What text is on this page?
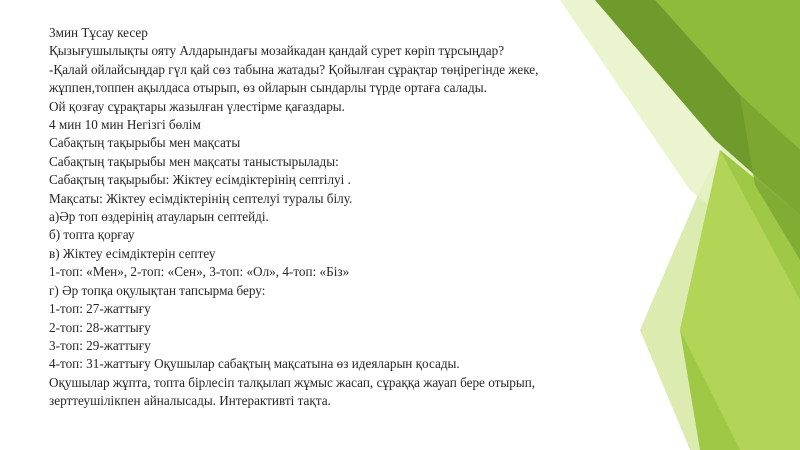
3мин Тұсау кесер
Қызығушылықты ояту Алдарындағы мозайкадан қандай сурет көріп тұрсыңдар?
-Қалай ойлайсыңдар гүл қай сөз табына жатады? Қойылған сұрақтар төңірегінде жеке,
жұппен,топпен ақылдаса отырып, өз ойларын сындарлы түрде ортаға салады.
Ой қозғау сұрақтары жазылған үлестірме қағаздары.
4 мин 10 мин Негізгі бөлім
Сабақтың тақырыбы мен мақсаты
Сабақтың тақырыбы мен мақсаты таныстырылады:
Сабақтың тақырыбы: Жіктеу есімдіктерінің септілуі .
Мақсаты: Жіктеу есімдіктерінің септелуі туралы білу.
а)Әр топ өздерінің атауларын септейді.
б) топта қорғау
в) Жіктеу есімдіктерін септеу
1-топ: «Мен», 2-топ: «Сен», 3-топ: «Ол», 4-топ: «Біз»
г) Әр топқа оқулықтан тапсырма беру:
1-топ: 27-жаттығу
2-топ: 28-жаттығу
3-топ: 29-жаттығу
4-топ: 31-жаттығу Оқушылар сабақтың мақсатына өз идеяларын қосады.
Оқушылар жұпта, топта бірлесіп талқылап жұмыс жасап, сұраққа жауап бере отырып,
зерттеушілікпен айналысады. Интерактивті тақта.
